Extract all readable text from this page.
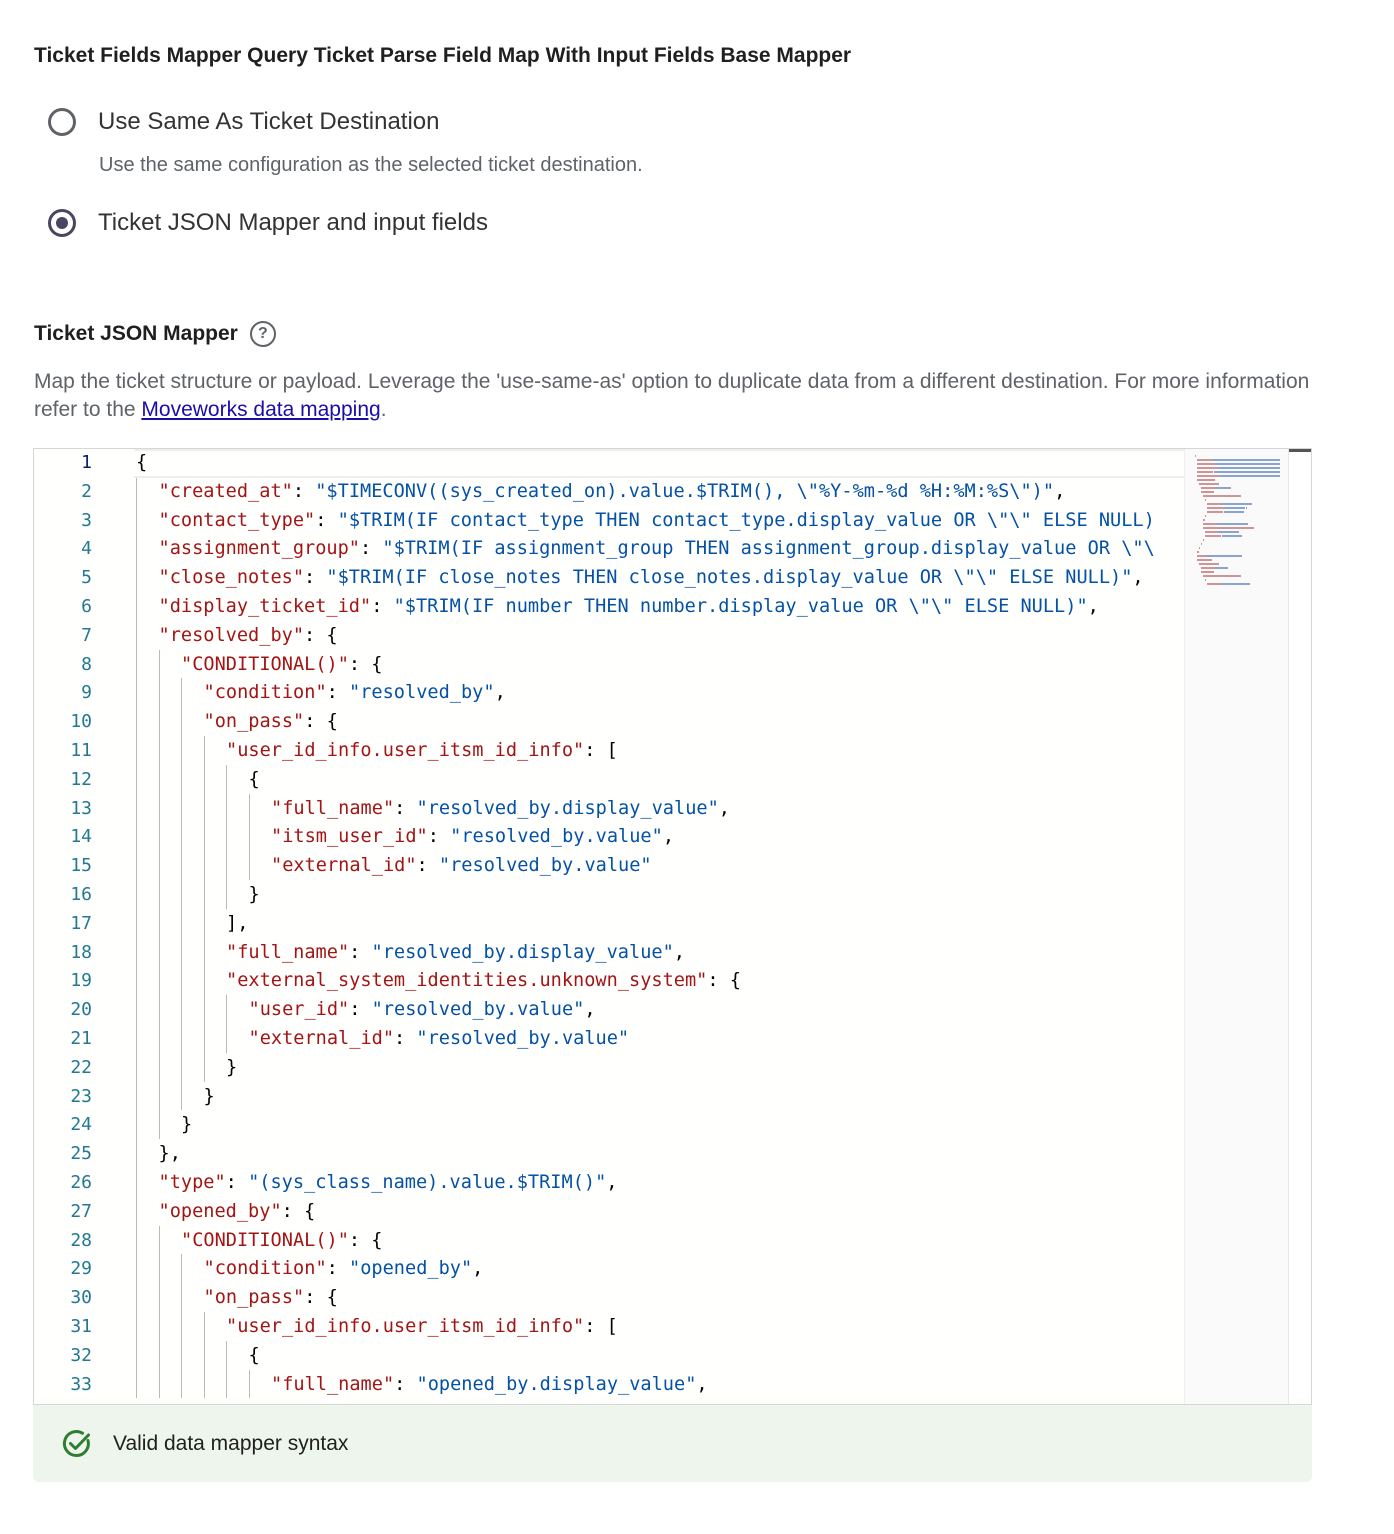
Ticket Fields Mapper Query Ticket Parse Field Map With Input Fields Base Mapper
Use Same As Ticket Destination
Use the same configuration as the selected ticket destination.
Ticket JSON Mapper and input fields
Ticket JSON Mapper	?
Map the ticket structure or payload. Leverage the 'use-same-as' option to duplicate data from a different destination. For more information refer to the Moveworks data mapping.
1
2
3
4
5
6
7
8
9
10
11
12
13
14
15
16
17
18
19
20
21
22
23
24
25
26
27
28
29
30
31
32
33
{
"created_at": "$TIMECONV((sys_created_on).value.$TRIM(), \"%Y-%m-%d %H:%M:%S\")",
"contact_type": "$TRIM(IF contact_type THEN contact_type.display_value OR \"\" ELSE NULL)
"assignment_group": "$TRIM(IF assignment_group THEN assignment_group.display_value OR \"\
"close_notes": "$TRIM(IF close_notes THEN close_notes.display_value OR \"\" ELSE NULL)",
"display_ticket_id": "$TRIM(IF number THEN number.display_value OR \"\" ELSE NULL)",
"resolved_by": {
"CONDITIONAL()": {
"condition": "resolved_by",
"on_pass": {
"user_id_info.user_itsm_id_info": [
{
"full_name": "resolved_by.display_value",
"itsm_user_id": "resolved_by.value",
"external_id": "resolved_by.value"
}
],
"full_name": "resolved_by.display_value",
"external_system_identities.unknown_system": {
"user_id": "resolved_by.value",
"external_id": "resolved_by.value"
}
}
}
},
"type": "(sys_class_name).value.$TRIM()",
"opened_by": {
"CONDITIONAL()": {
"condition": "opened_by",
"on_pass": {
"user_id_info.user_itsm_id_info": [
{
"full_name": "opened_by.display_value",
Valid data mapper syntax
